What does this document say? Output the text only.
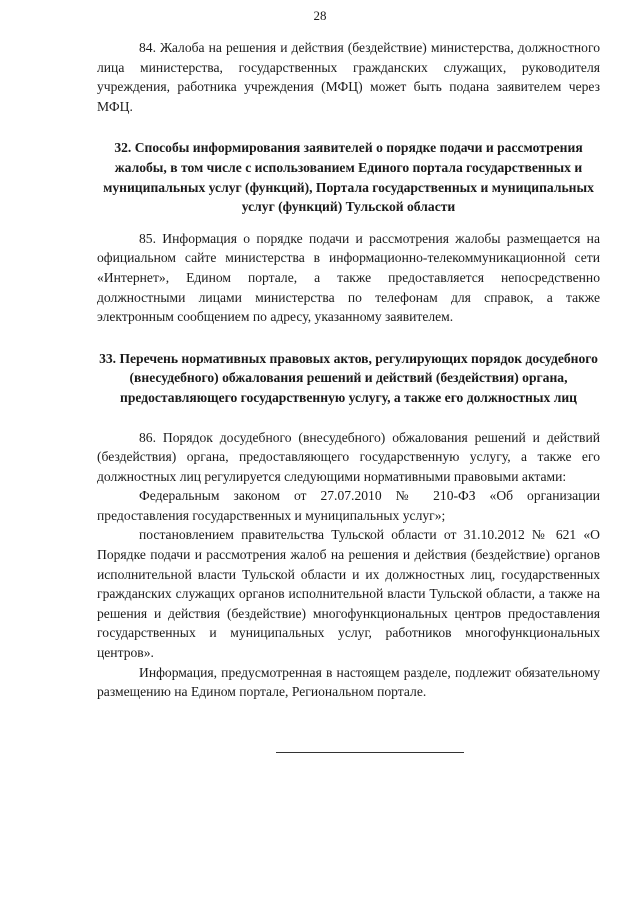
28

84. Жалоба на решения и действия (бездействие) министерства, должностного лица министерства, государственных гражданских служащих, руководителя учреждения, работника учреждения (МФЦ) может быть подана заявителем через МФЦ.

32. Способы информирования заявителей о порядке подачи и рассмотрения жалобы, в том числе с использованием Единого портала государственных и муниципальных услуг (функций), Портала государственных и муниципальных услуг (функций) Тульской области

85. Информация о порядке подачи и рассмотрения жалобы размещается на официальном сайте министерства в информационно-телекоммуникационной сети «Интернет», Едином портале, а также предоставляется непосредственно должностными лицами министерства по телефонам для справок, а также электронным сообщением по адресу, указанному заявителем.

33. Перечень нормативных правовых актов, регулирующих порядок досудебного (внесудебного) обжалования решений и действий (бездействия) органа, предоставляющего государственную услугу, а также его должностных лиц

86. Порядок досудебного (внесудебного) обжалования решений и действий (бездействия) органа, предоставляющего государственную услугу, а также его должностных лиц регулируется следующими нормативными правовыми актами:

Федеральным законом от 27.07.2010 № 210-ФЗ «Об организации предоставления государственных и муниципальных услуг»;

постановлением правительства Тульской области от 31.10.2012 № 621 «О Порядке подачи и рассмотрения жалоб на решения и действия (бездействие) органов исполнительной власти Тульской области и их должностных лиц, государственных гражданских служащих органов исполнительной власти Тульской области, а также на решения и действия (бездействие) многофункциональных центров предоставления государственных и муниципальных услуг, работников многофункциональных центров».

Информация, предусмотренная в настоящем разделе, подлежит обязательному размещению на Едином портале, Региональном портале.
